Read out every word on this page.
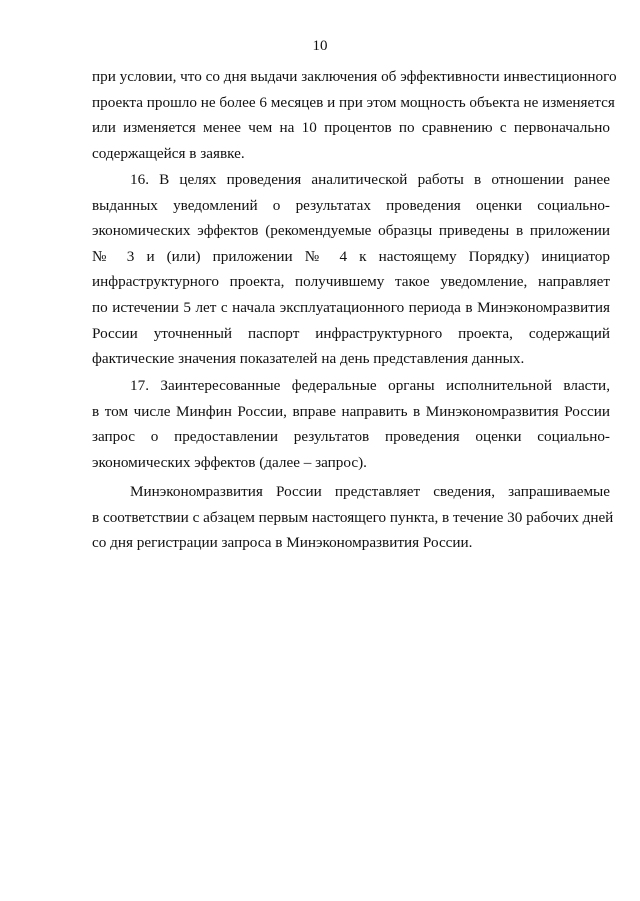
10
при условии, что со дня выдачи заключения об эффективности инвестиционного
проекта прошло не более 6 месяцев и при этом мощность объекта не изменяется
или изменяется менее чем на 10 процентов по сравнению с первоначально
содержащейся в заявке.
16. В целях проведения аналитической работы в отношении ранее
выданных уведомлений о результатах проведения оценки социально-
экономических эффектов (рекомендуемые образцы приведены в приложении
№ 3 и (или) приложении № 4 к настоящему Порядку) инициатор
инфраструктурного проекта, получившему такое уведомление, направляет
по истечении 5 лет с начала эксплуатационного периода в Минэкономразвития
России уточненный паспорт инфраструктурного проекта, содержащий
фактические значения показателей на день представления данных.
17. Заинтересованные федеральные органы исполнительной власти,
в том числе Минфин России, вправе направить в Минэкономразвития России
запрос о предоставлении результатов проведения оценки социально-
экономических эффектов (далее – запрос).
Минэкономразвития России представляет сведения, запрашиваемые
в соответствии с абзацем первым настоящего пункта, в течение 30 рабочих дней
со дня регистрации запроса в Минэкономразвития России.
